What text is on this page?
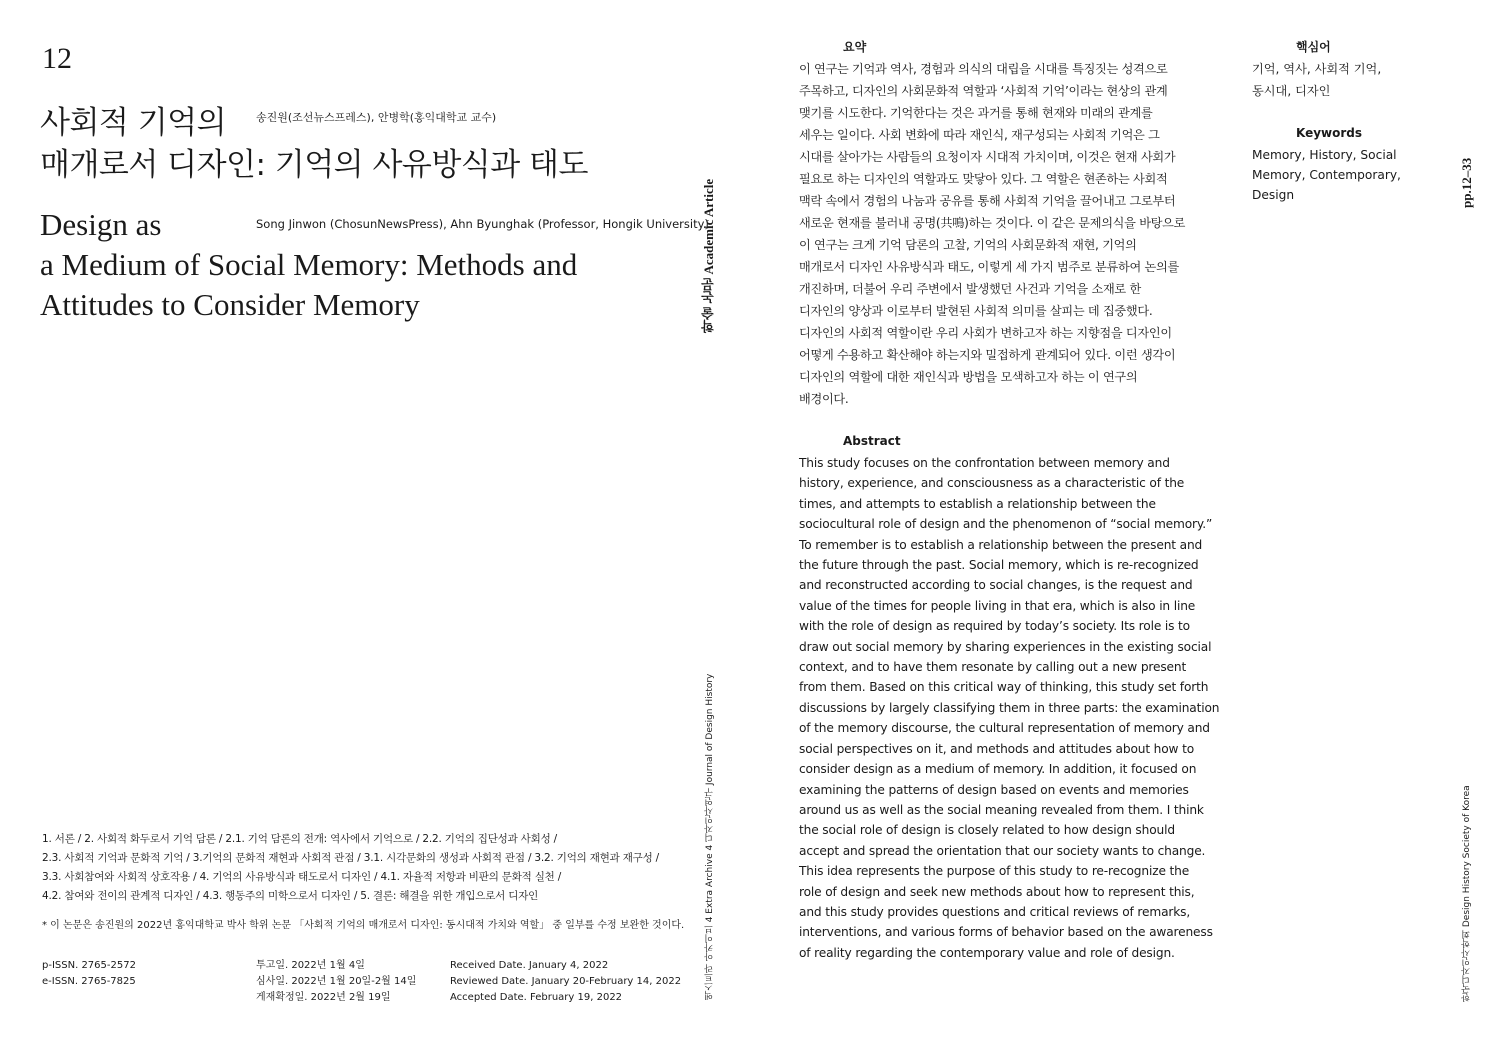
12
사회적 기억의
매개로서 디자인: 기억의 사유방식과 태도
송진원(조선뉴스프레스), 안병학(홍익대학교 교수)
Design as
a Medium of Social Memory: Methods and
Attitudes to Consider Memory
Song Jinwon (ChosunNewsPress), Ahn Byunghak (Professor, Hongik University)
학술 논문 Academic Article
엑스트라 아카이브 4 Extra Archive 4 디자인사연구 Journal of Design History
pp.12–33
한국디자인사학회 Design History Society of Korea
1. 서론 / 2. 사회적 화두로서 기억 담론 / 2.1. 기억 담론의 전개: 역사에서 기억으로 / 2.2. 기억의 집단성과 사회성 /
2.3. 사회적 기억과 문화적 기억 / 3.기억의 문화적 재현과 사회적 관점 / 3.1. 시각문화의 생성과 사회적 관점 / 3.2. 기억의 재현과 재구성 /
3.3. 사회참여와 사회적 상호작용 / 4. 기억의 사유방식과 태도로서 디자인 / 4.1. 자율적 저항과 비판의 문화적 실천 /
4.2. 참여와 전이의 관계적 디자인 / 4.3. 행동주의 미학으로서 디자인 / 5. 결론: 해결을 위한 개입으로서 디자인
* 이 논문은 송진원의 2022년 홍익대학교 박사 학위 논문 「사회적 기억의 매개로서 디자인: 동시대적 가치와 역할」 중 일부를 수정 보완한 것이다.
p-ISSN. 2765-2572
e-ISSN. 2765-7825
투고일. 2022년 1월 4일
심사일. 2022년 1월 20일-2월 14일
게재확정일. 2022년 2월 19일
Received Date. January 4, 2022
Reviewed Date. January 20-February 14, 2022
Accepted Date. February 19, 2022
요약
이 연구는 기억과 역사, 경험과 의식의 대립을 시대를 특징짓는 성격으로
주목하고, 디자인의 사회문화적 역할과 ‘사회적 기억’이라는 현상의 관계
맺기를 시도한다. 기억한다는 것은 과거를 통해 현재와 미래의 관계를
세우는 일이다. 사회 변화에 따라 재인식, 재구성되는 사회적 기억은 그
시대를 살아가는 사람들의 요청이자 시대적 가치이며, 이것은 현재 사회가
필요로 하는 디자인의 역할과도 맞닿아 있다. 그 역할은 현존하는 사회적
맥락 속에서 경험의 나눔과 공유를 통해 사회적 기억을 끌어내고 그로부터
새로운 현재를 불러내 공명(共鳴)하는 것이다. 이 같은 문제의식을 바탕으로
이 연구는 크게 기억 담론의 고찰, 기억의 사회문화적 재현, 기억의
매개로서 디자인 사유방식과 태도, 이렇게 세 가지 범주로 분류하여 논의를
개진하며, 더불어 우리 주변에서 발생했던 사건과 기억을 소재로 한
디자인의 양상과 이로부터 발현된 사회적 의미를 살피는 데 집중했다.
디자인의 사회적 역할이란 우리 사회가 변하고자 하는 지향점을 디자인이
어떻게 수용하고 확산해야 하는지와 밀접하게 관계되어 있다. 이런 생각이
디자인의 역할에 대한 재인식과 방법을 모색하고자 하는 이 연구의
배경이다.
Abstract
This study focuses on the confrontation between memory and
history, experience, and consciousness as a characteristic of the
times, and attempts to establish a relationship between the
sociocultural role of design and the phenomenon of “social memory.”
To remember is to establish a relationship between the present and
the future through the past. Social memory, which is re-recognized
and reconstructed according to social changes, is the request and
value of the times for people living in that era, which is also in line
with the role of design as required by today’s society. Its role is to
draw out social memory by sharing experiences in the existing social
context, and to have them resonate by calling out a new present
from them. Based on this critical way of thinking, this study set forth
discussions by largely classifying them in three parts: the examination
of the memory discourse, the cultural representation of memory and
social perspectives on it, and methods and attitudes about how to
consider design as a medium of memory. In addition, it focused on
examining the patterns of design based on events and memories
around us as well as the social meaning revealed from them. I think
the social role of design is closely related to how design should
accept and spread the orientation that our society wants to change.
This idea represents the purpose of this study to re-recognize the
role of design and seek new methods about how to represent this,
and this study provides questions and critical reviews of remarks,
interventions, and various forms of behavior based on the awareness
of reality regarding the contemporary value and role of design.
핵심어
기억, 역사, 사회적 기억,
동시대, 디자인
Keywords
Memory, History, Social
Memory, Contemporary,
Design
